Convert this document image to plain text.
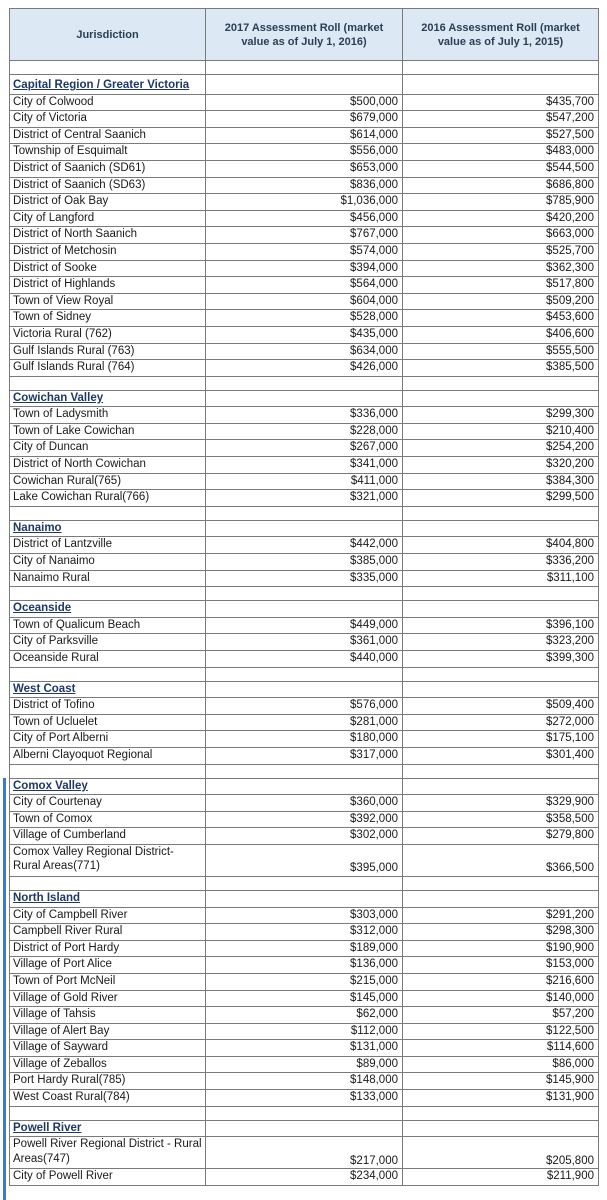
Jurisdiction	2017 Assessment Roll (market value as of July 1, 2016)	2016 Assessment Roll (market value as of July 1, 2015)

Capital Region / Greater Victoria		
City of Colwood	$500,000	$435,700
City of Victoria	$679,000	$547,200
District of Central Saanich	$614,000	$527,500
Township of Esquimalt	$556,000	$483,000
District of Saanich (SD61)	$653,000	$544,500
District of Saanich (SD63)	$836,000	$686,800
District of Oak Bay	$1,036,000	$785,900
City of Langford	$456,000	$420,200
District of North Saanich	$767,000	$663,000
District of Metchosin	$574,000	$525,700
District of Sooke	$394,000	$362,300
District of Highlands	$564,000	$517,800
Town of View Royal	$604,000	$509,200
Town of Sidney	$528,000	$453,600
Victoria Rural (762)	$435,000	$406,600
Gulf Islands Rural (763)	$634,000	$555,500
Gulf Islands Rural (764)	$426,000	$385,500

Cowichan Valley		
Town of Ladysmith	$336,000	$299,300
Town of Lake Cowichan	$228,000	$210,400
City of Duncan	$267,000	$254,200
District of North Cowichan	$341,000	$320,200
Cowichan Rural(765)	$411,000	$384,300
Lake Cowichan Rural(766)	$321,000	$299,500

Nanaimo		
District of Lantzville	$442,000	$404,800
City of Nanaimo	$385,000	$336,200
Nanaimo Rural	$335,000	$311,100

Oceanside		
Town of Qualicum Beach	$449,000	$396,100
City of Parksville	$361,000	$323,200
Oceanside Rural	$440,000	$399,300

West Coast		
District of Tofino	$576,000	$509,400
Town of Ucluelet	$281,000	$272,000
City of Port Alberni	$180,000	$175,100
Alberni Clayoquot Regional	$317,000	$301,400

Comox Valley		
City of Courtenay	$360,000	$329,900
Town of Comox	$392,000	$358,500
Village of Cumberland	$302,000	$279,800
Comox Valley Regional District- Rural Areas(771)	$395,000	$366,500

North Island		
City of Campbell River	$303,000	$291,200
Campbell River Rural	$312,000	$298,300
District of Port Hardy	$189,000	$190,900
Village of Port Alice	$136,000	$153,000
Town of Port McNeil	$215,000	$216,600
Village of Gold River	$145,000	$140,000
Village of Tahsis	$62,000	$57,200
Village of Alert Bay	$112,000	$122,500
Village of Sayward	$131,000	$114,600
Village of Zeballos	$89,000	$86,000
Port Hardy Rural(785)	$148,000	$145,900
West Coast Rural(784)	$133,000	$131,900

Powell River		
Powell River Regional District - Rural Areas(747)	$217,000	$205,800
City of Powell River	$234,000	$211,900
